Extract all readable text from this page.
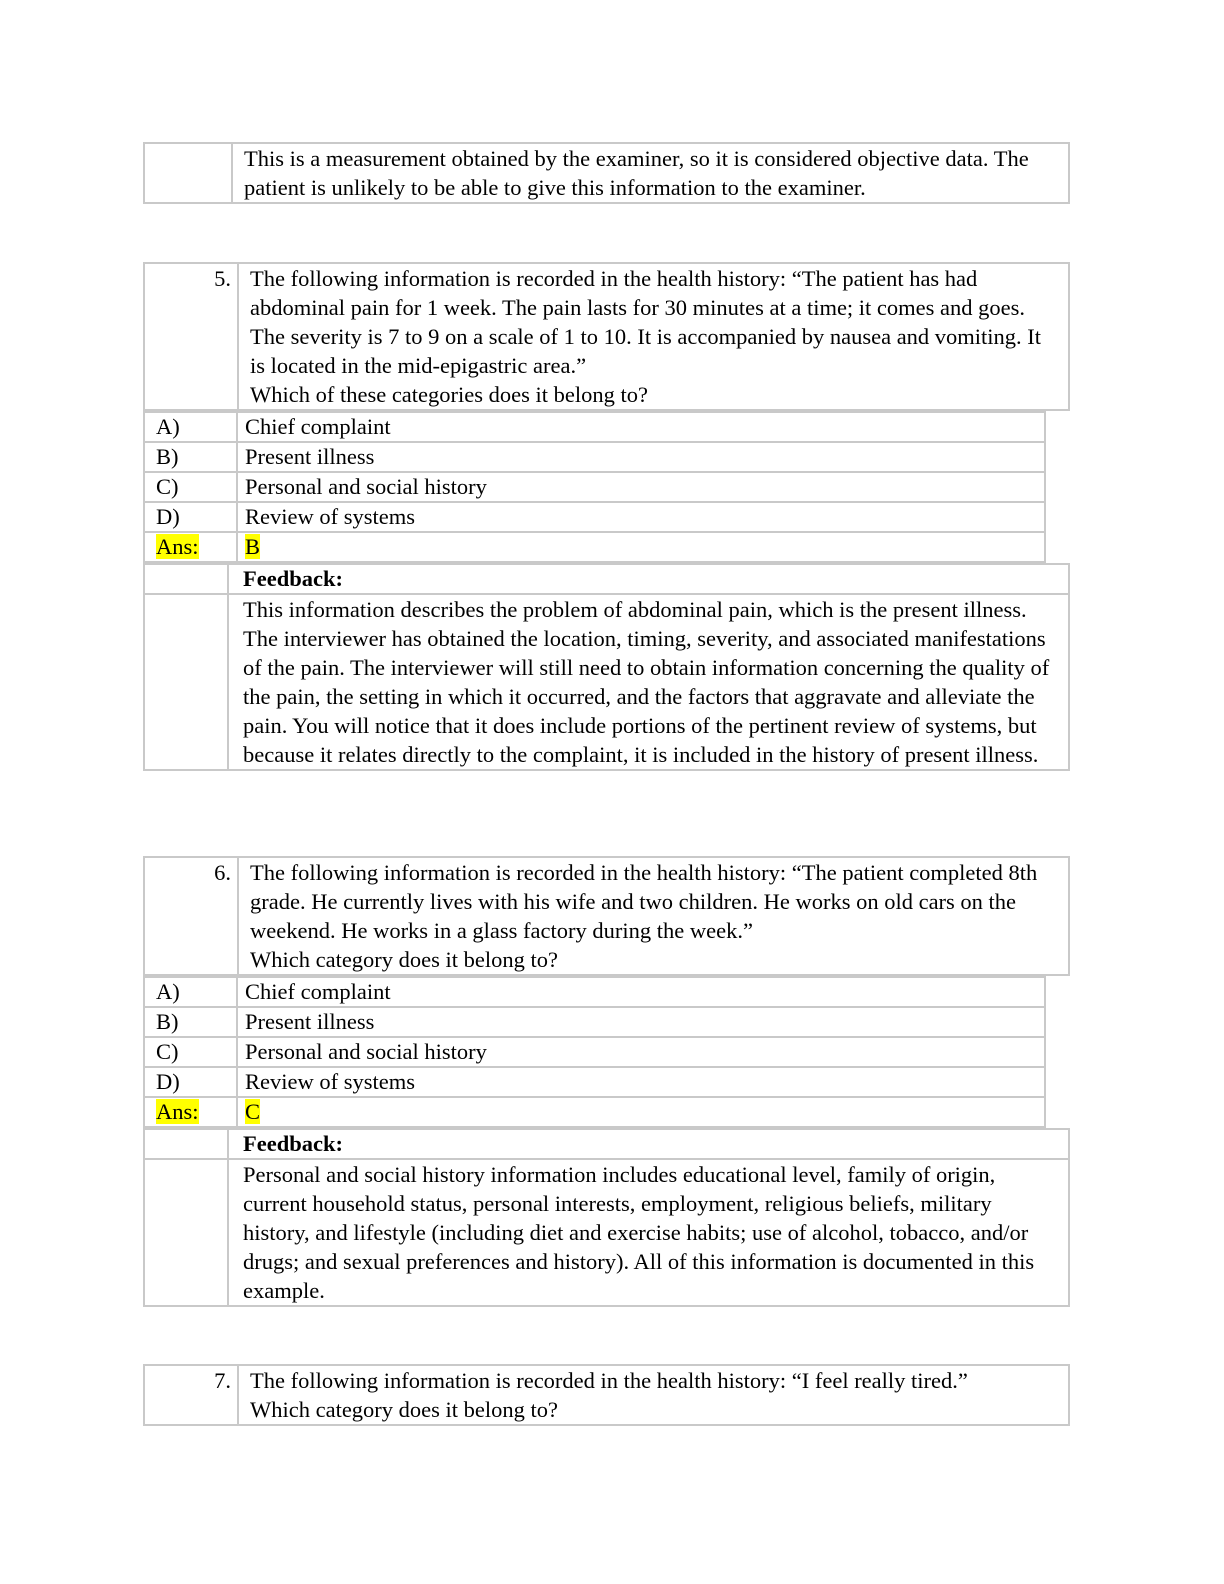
	This is a measurement obtained by the examiner, so it is considered objective data. The patient is unlikely to be able to give this information to the examiner.
5.	The following information is recorded in the health history: “The patient has had abdominal pain for 1 week. The pain lasts for 30 minutes at a time; it comes and goes. The severity is 7 to 9 on a scale of 1 to 10. It is accompanied by nausea and vomiting. It is located in the mid-epigastric area.”
Which of these categories does it belong to?
A)	Chief complaint
B)	Present illness
C)	Personal and social history
D)	Review of systems
Ans:	B
	Feedback:
	This information describes the problem of abdominal pain, which is the present illness. The interviewer has obtained the location, timing, severity, and associated manifestations of the pain. The interviewer will still need to obtain information concerning the quality of the pain, the setting in which it occurred, and the factors that aggravate and alleviate the pain. You will notice that it does include portions of the pertinent review of systems, but because it relates directly to the complaint, it is included in the history of present illness.
6.	The following information is recorded in the health history: “The patient completed 8th grade. He currently lives with his wife and two children. He works on old cars on the weekend. He works in a glass factory during the week.”
Which category does it belong to?
A)	Chief complaint
B)	Present illness
C)	Personal and social history
D)	Review of systems
Ans:	C
	Feedback:
	Personal and social history information includes educational level, family of origin, current household status, personal interests, employment, religious beliefs, military history, and lifestyle (including diet and exercise habits; use of alcohol, tobacco, and/or drugs; and sexual preferences and history). All of this information is documented in this example.
7.	The following information is recorded in the health history: “I feel really tired.”
Which category does it belong to?
